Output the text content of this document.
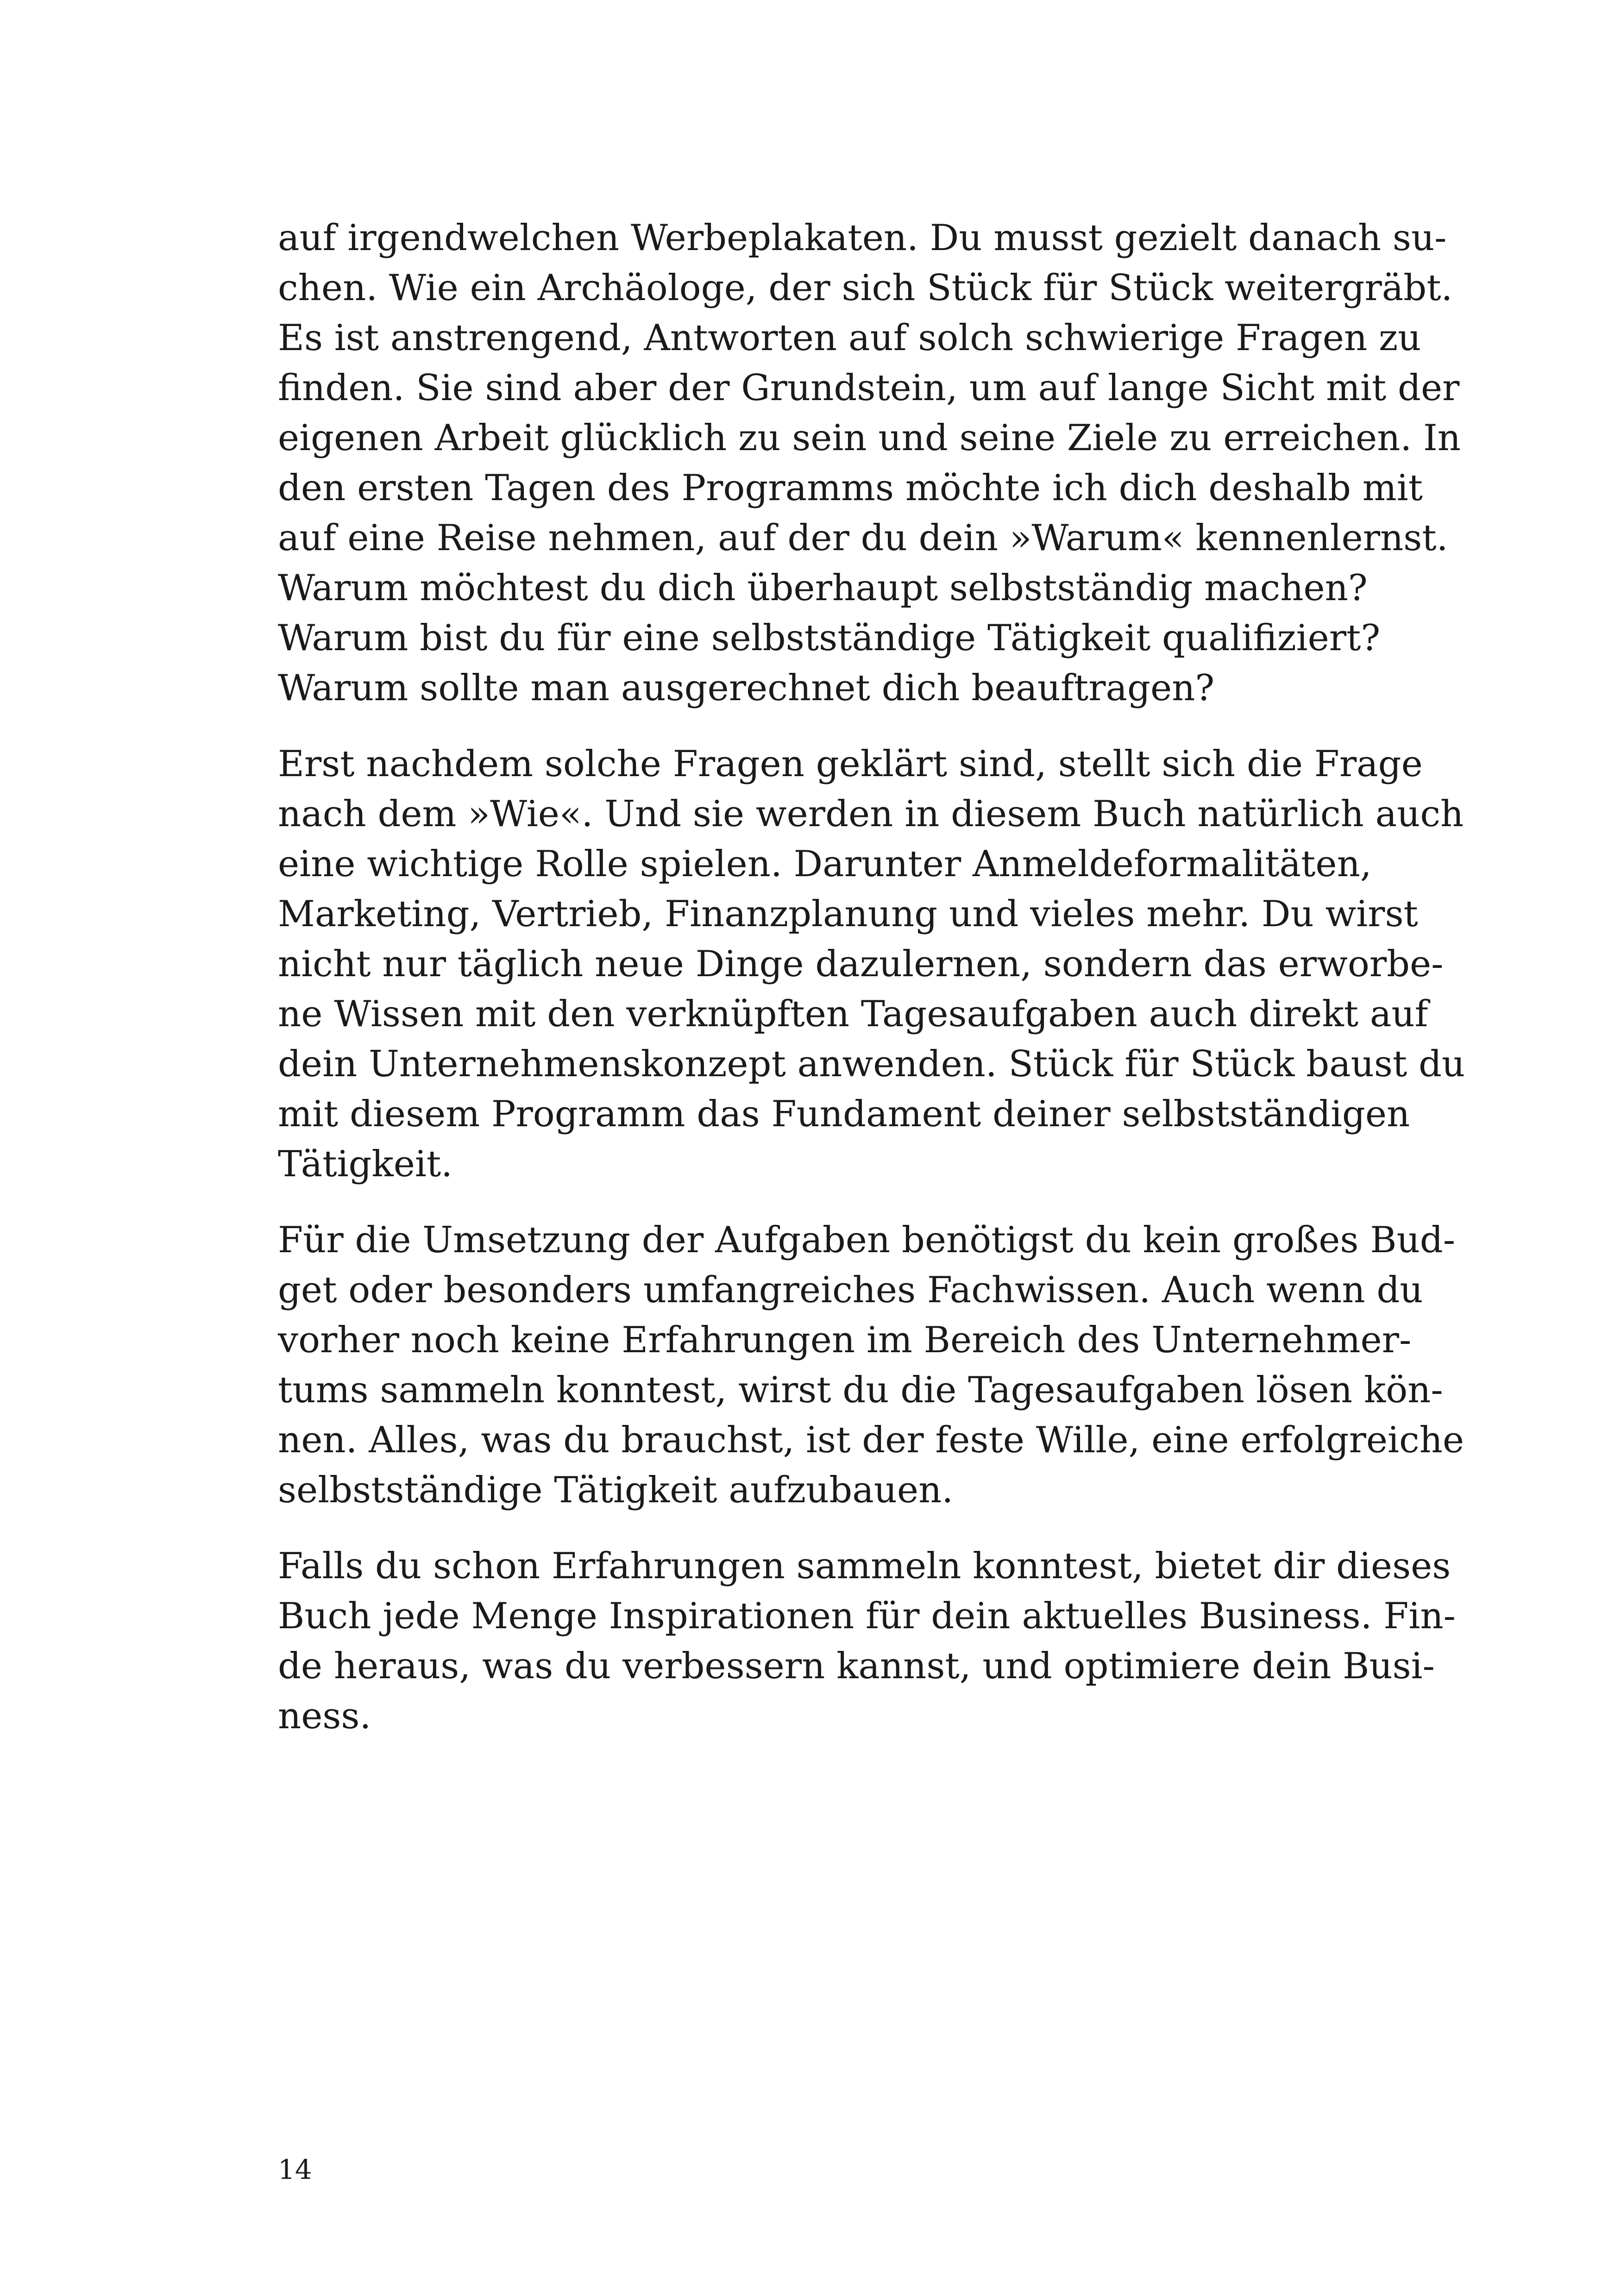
auf irgendwelchen Werbeplakaten. Du musst gezielt danach su-
chen. Wie ein Archäologe, der sich Stück für Stück weitergräbt.
Es ist anstrengend, Antworten auf solch schwierige Fragen zu
finden. Sie sind aber der Grundstein, um auf lange Sicht mit der
eigenen Arbeit glücklich zu sein und seine Ziele zu erreichen. In
den ersten Tagen des Programms möchte ich dich deshalb mit
auf eine Reise nehmen, auf der du dein »Warum« kennenlernst.
Warum möchtest du dich überhaupt selbstständig machen?
Warum bist du für eine selbstständige Tätigkeit qualifiziert?
Warum sollte man ausgerechnet dich beauftragen?
Erst nachdem solche Fragen geklärt sind, stellt sich die Frage
nach dem »Wie«. Und sie werden in diesem Buch natürlich auch
eine wichtige Rolle spielen. Darunter Anmeldeformalitäten,
Marketing, Vertrieb, Finanzplanung und vieles mehr. Du wirst
nicht nur täglich neue Dinge dazulernen, sondern das erworbe-
ne Wissen mit den verknüpften Tagesaufgaben auch direkt auf
dein Unternehmenskonzept anwenden. Stück für Stück baust du
mit diesem Programm das Fundament deiner selbstständigen
Tätigkeit.
Für die Umsetzung der Aufgaben benötigst du kein großes Bud-
get oder besonders umfangreiches Fachwissen. Auch wenn du
vorher noch keine Erfahrungen im Bereich des Unternehmer-
tums sammeln konntest, wirst du die Tagesaufgaben lösen kön-
nen. Alles, was du brauchst, ist der feste Wille, eine erfolgreiche
selbstständige Tätigkeit aufzubauen.
Falls du schon Erfahrungen sammeln konntest, bietet dir dieses
Buch jede Menge Inspirationen für dein aktuelles Business. Fin-
de heraus, was du verbessern kannst, und optimiere dein Busi-
ness.
14
